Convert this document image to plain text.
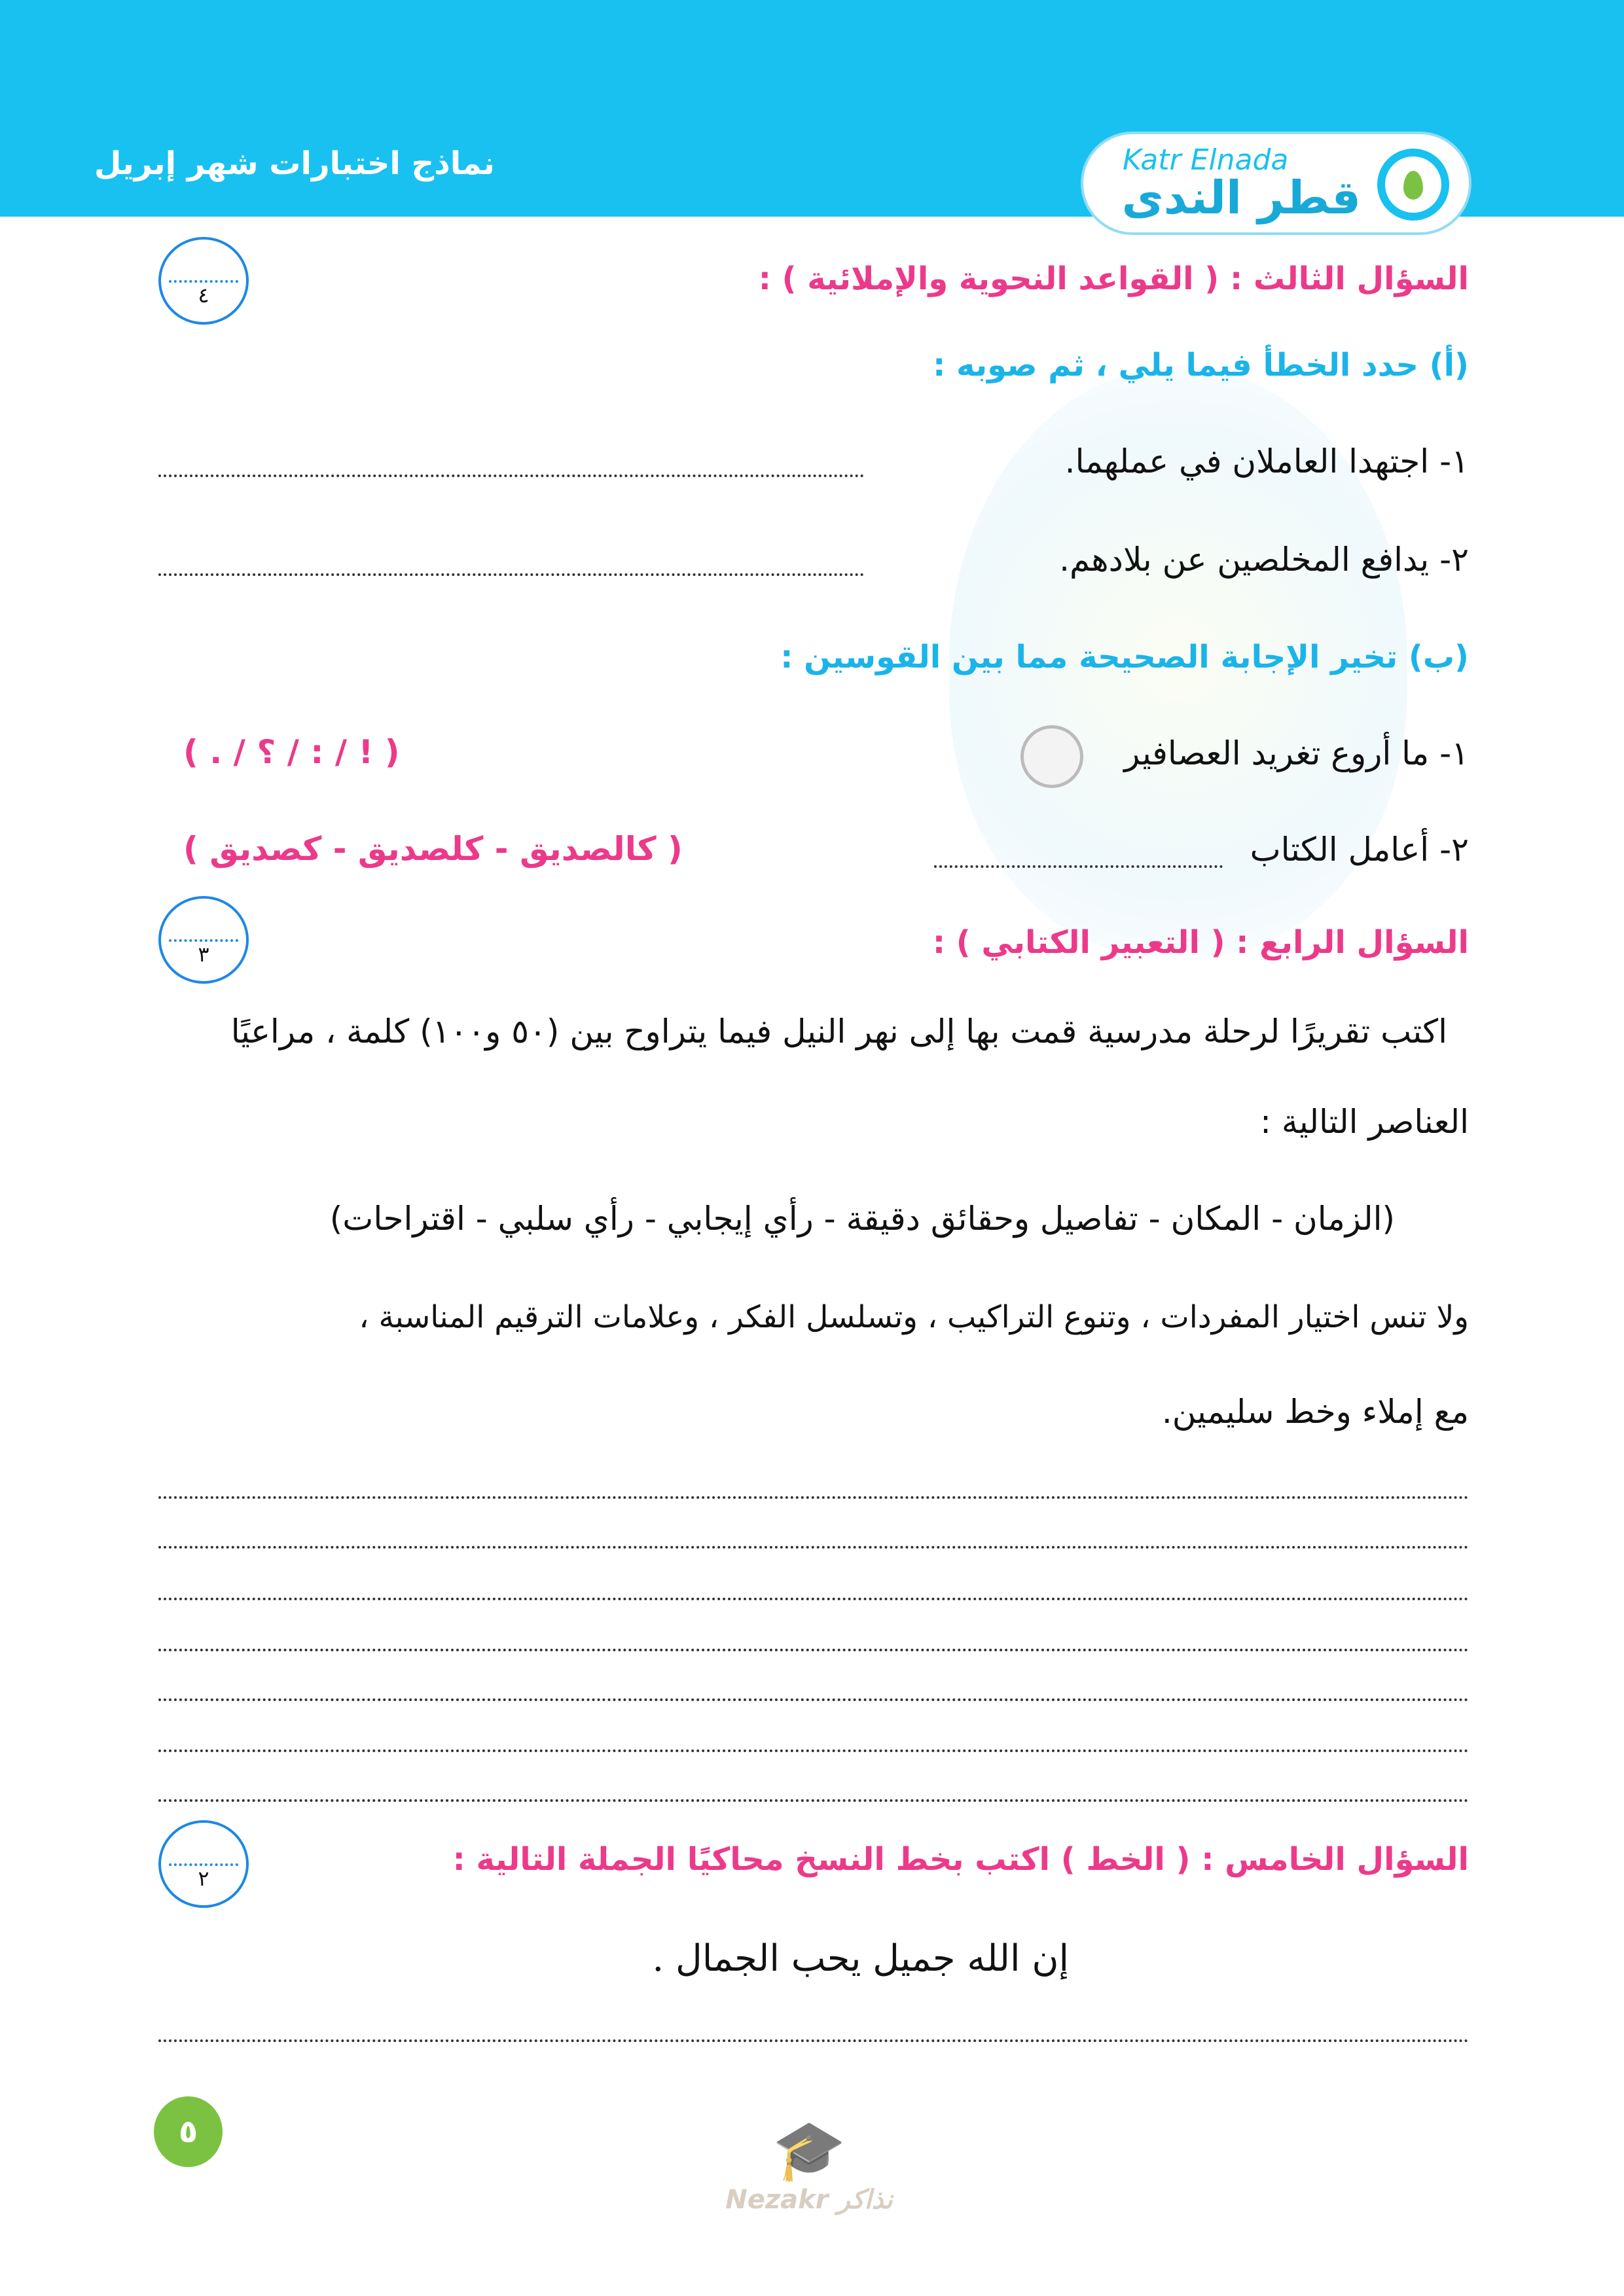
نماذج اختبارات شهر إبريل
قطر الندى
Katr Elnada
السؤال الثالث : ( القواعد النحوية والإملائية ) :
٤
(أ) حدد الخطأ فيما يلي ، ثم صوبه :
١- اجتهدا العاملان في عملهما.
٢- يدافع المخلصين عن بلادهم.
(ب) تخير الإجابة الصحيحة مما بين القوسين :
١- ما أروع تغريد العصافير
( . / ؟ / : / ! )
٢- أعامل الكتاب
( كالصديق - كلصديق - كصديق )
السؤال الرابع : ( التعبير الكتابي ) :
٣
اكتب تقريرًا لرحلة مدرسية قمت بها إلى نهر النيل فيما يتراوح بين (٥٠ و١٠٠) كلمة ، مراعيًا
العناصر التالية :
(الزمان - المكان - تفاصيل وحقائق دقيقة - رأي إيجابي - رأي سلبي - اقتراحات)
ولا تنس اختيار المفردات ، وتنوع التراكيب ، وتسلسل الفكر ، وعلامات الترقيم المناسبة ،
مع إملاء وخط سليمين.
السؤال الخامس : ( الخط ) اكتب بخط النسخ محاكيًا الجملة التالية :
٢
إن الله جميل يحب الجمال .
٥	🎓
Nezakr نذاكر
